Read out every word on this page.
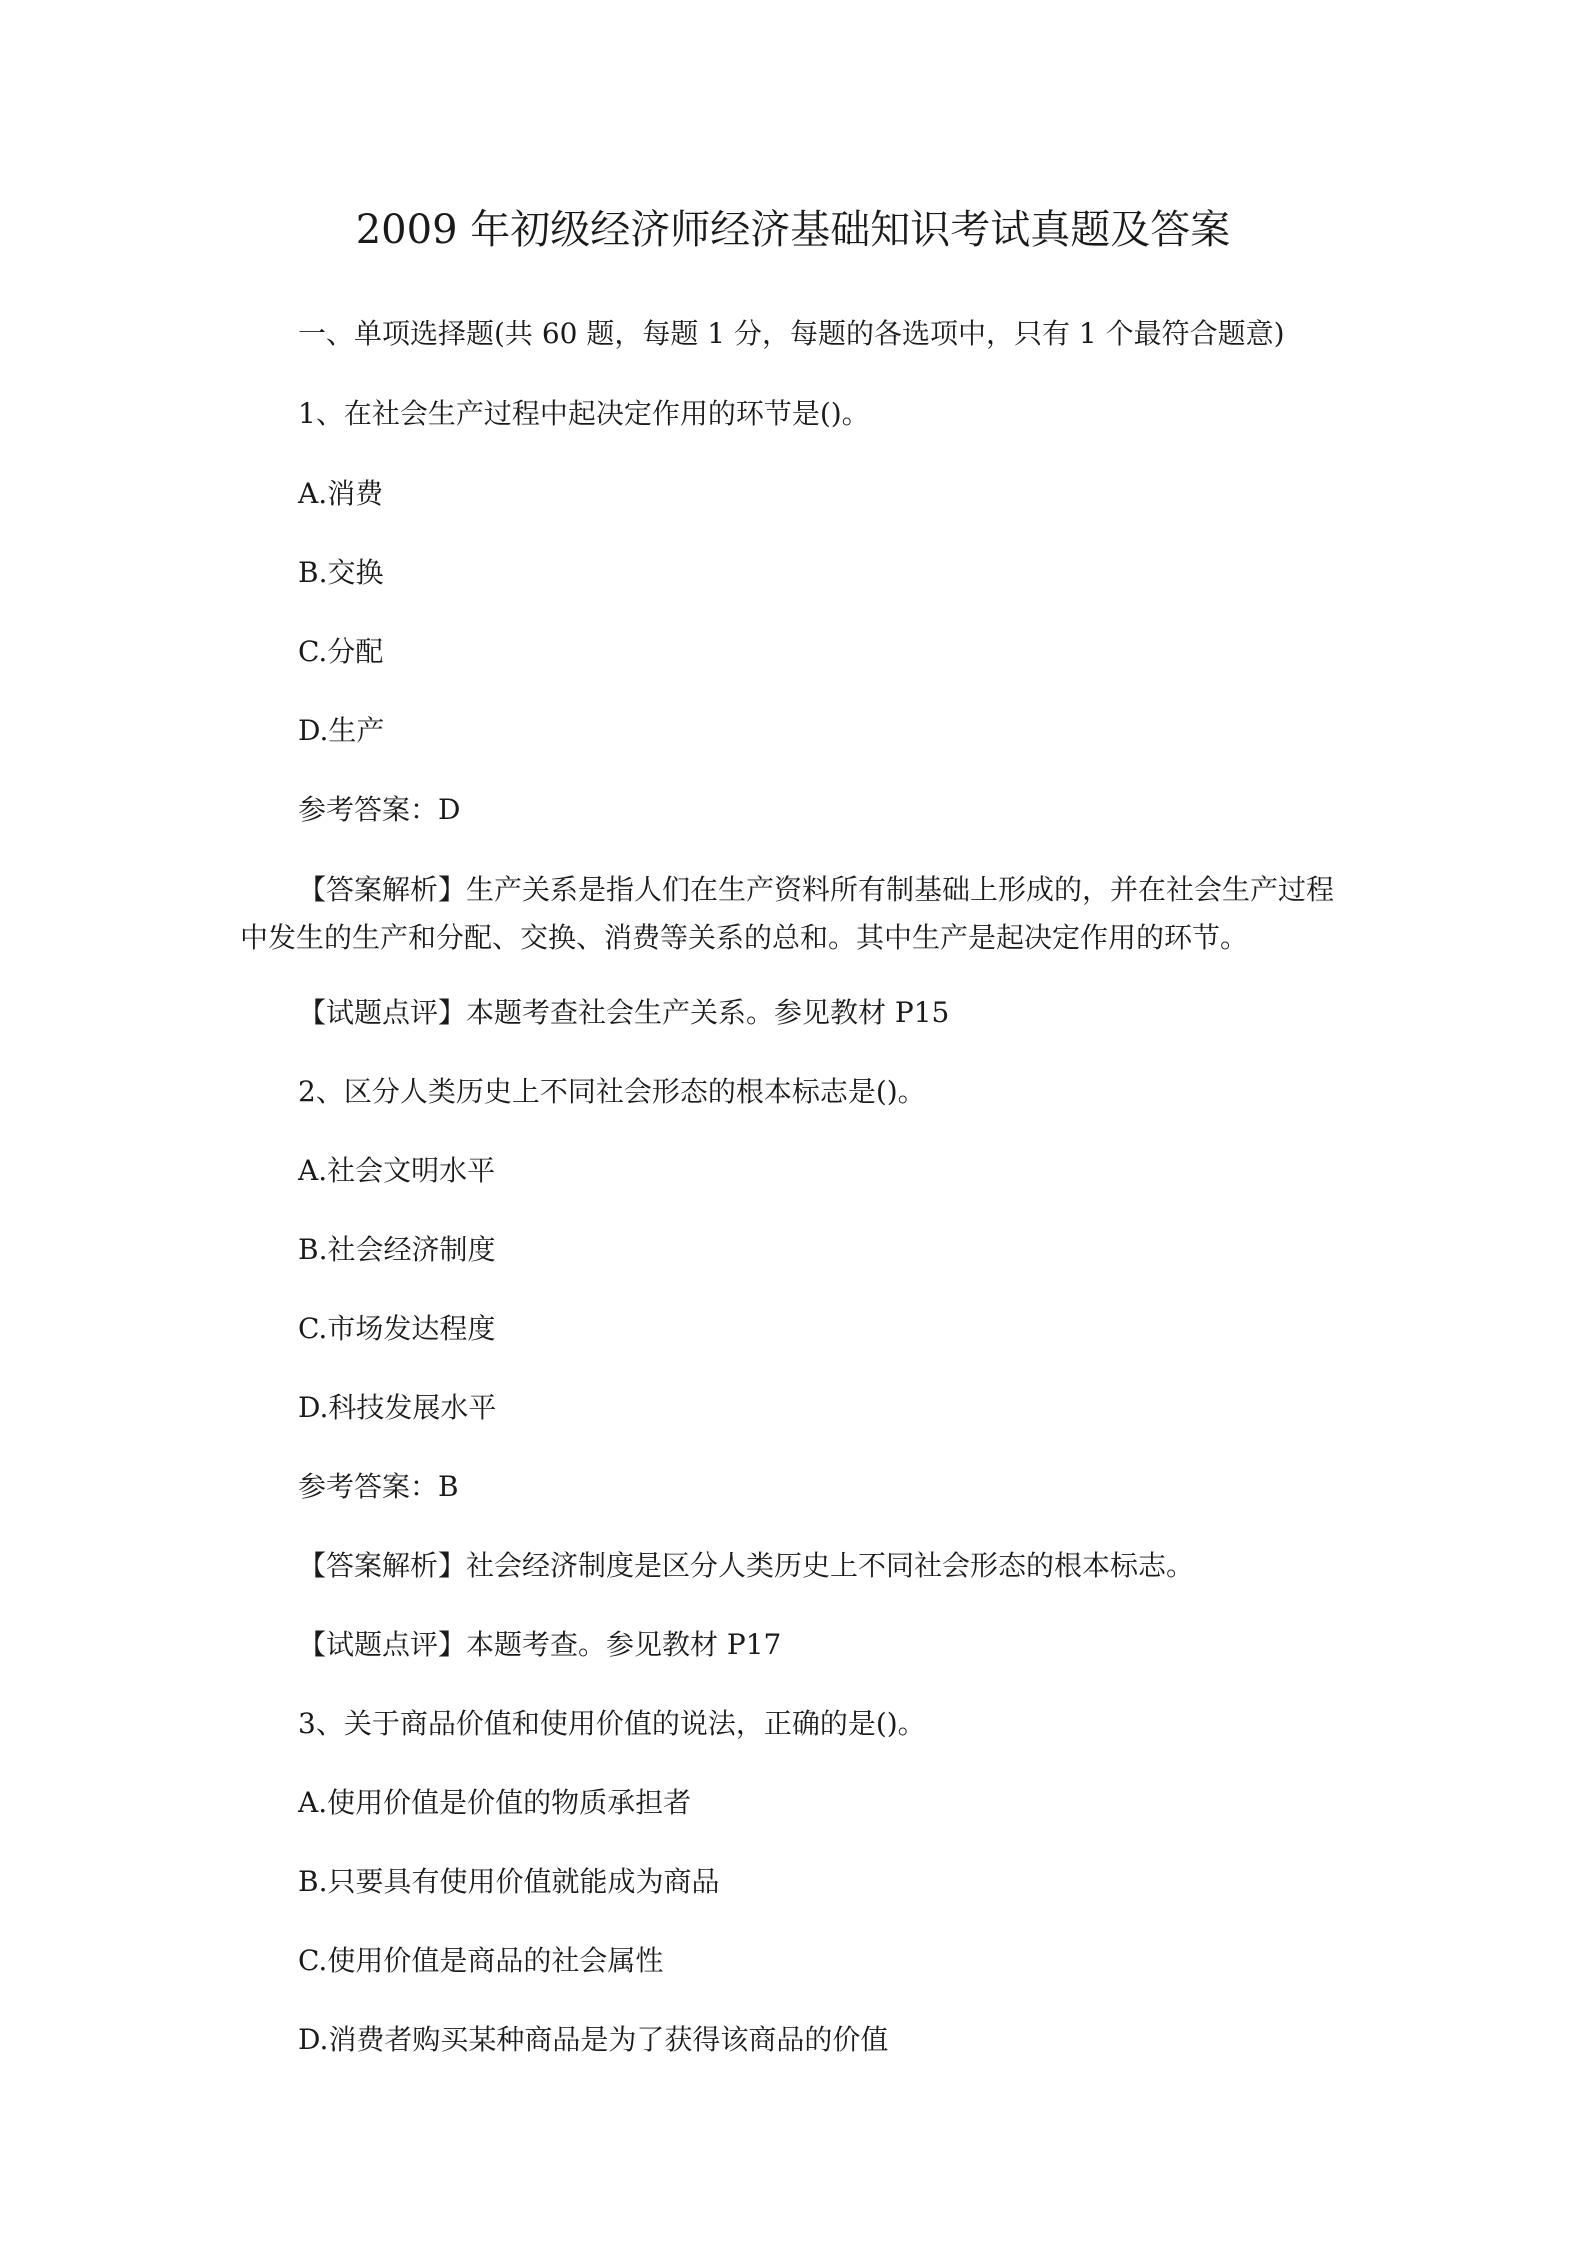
2009 年初级经济师经济基础知识考试真题及答案

一、单项选择题(共 60 题，每题 1 分，每题的各选项中，只有 1 个最符合题意)

1、在社会生产过程中起决定作用的环节是()。

A.消费

B.交换

C.分配

D.生产

参考答案：D

【答案解析】生产关系是指人们在生产资料所有制基础上形成的，并在社会生产过程中发生的生产和分配、交换、消费等关系的总和。其中生产是起决定作用的环节。

【试题点评】本题考查社会生产关系。参见教材 P15

2、区分人类历史上不同社会形态的根本标志是()。

A.社会文明水平

B.社会经济制度

C.市场发达程度

D.科技发展水平

参考答案：B

【答案解析】社会经济制度是区分人类历史上不同社会形态的根本标志。

【试题点评】本题考查。参见教材 P17

3、关于商品价值和使用价值的说法，正确的是()。

A.使用价值是价值的物质承担者

B.只要具有使用价值就能成为商品

C.使用价值是商品的社会属性

D.消费者购买某种商品是为了获得该商品的价值
